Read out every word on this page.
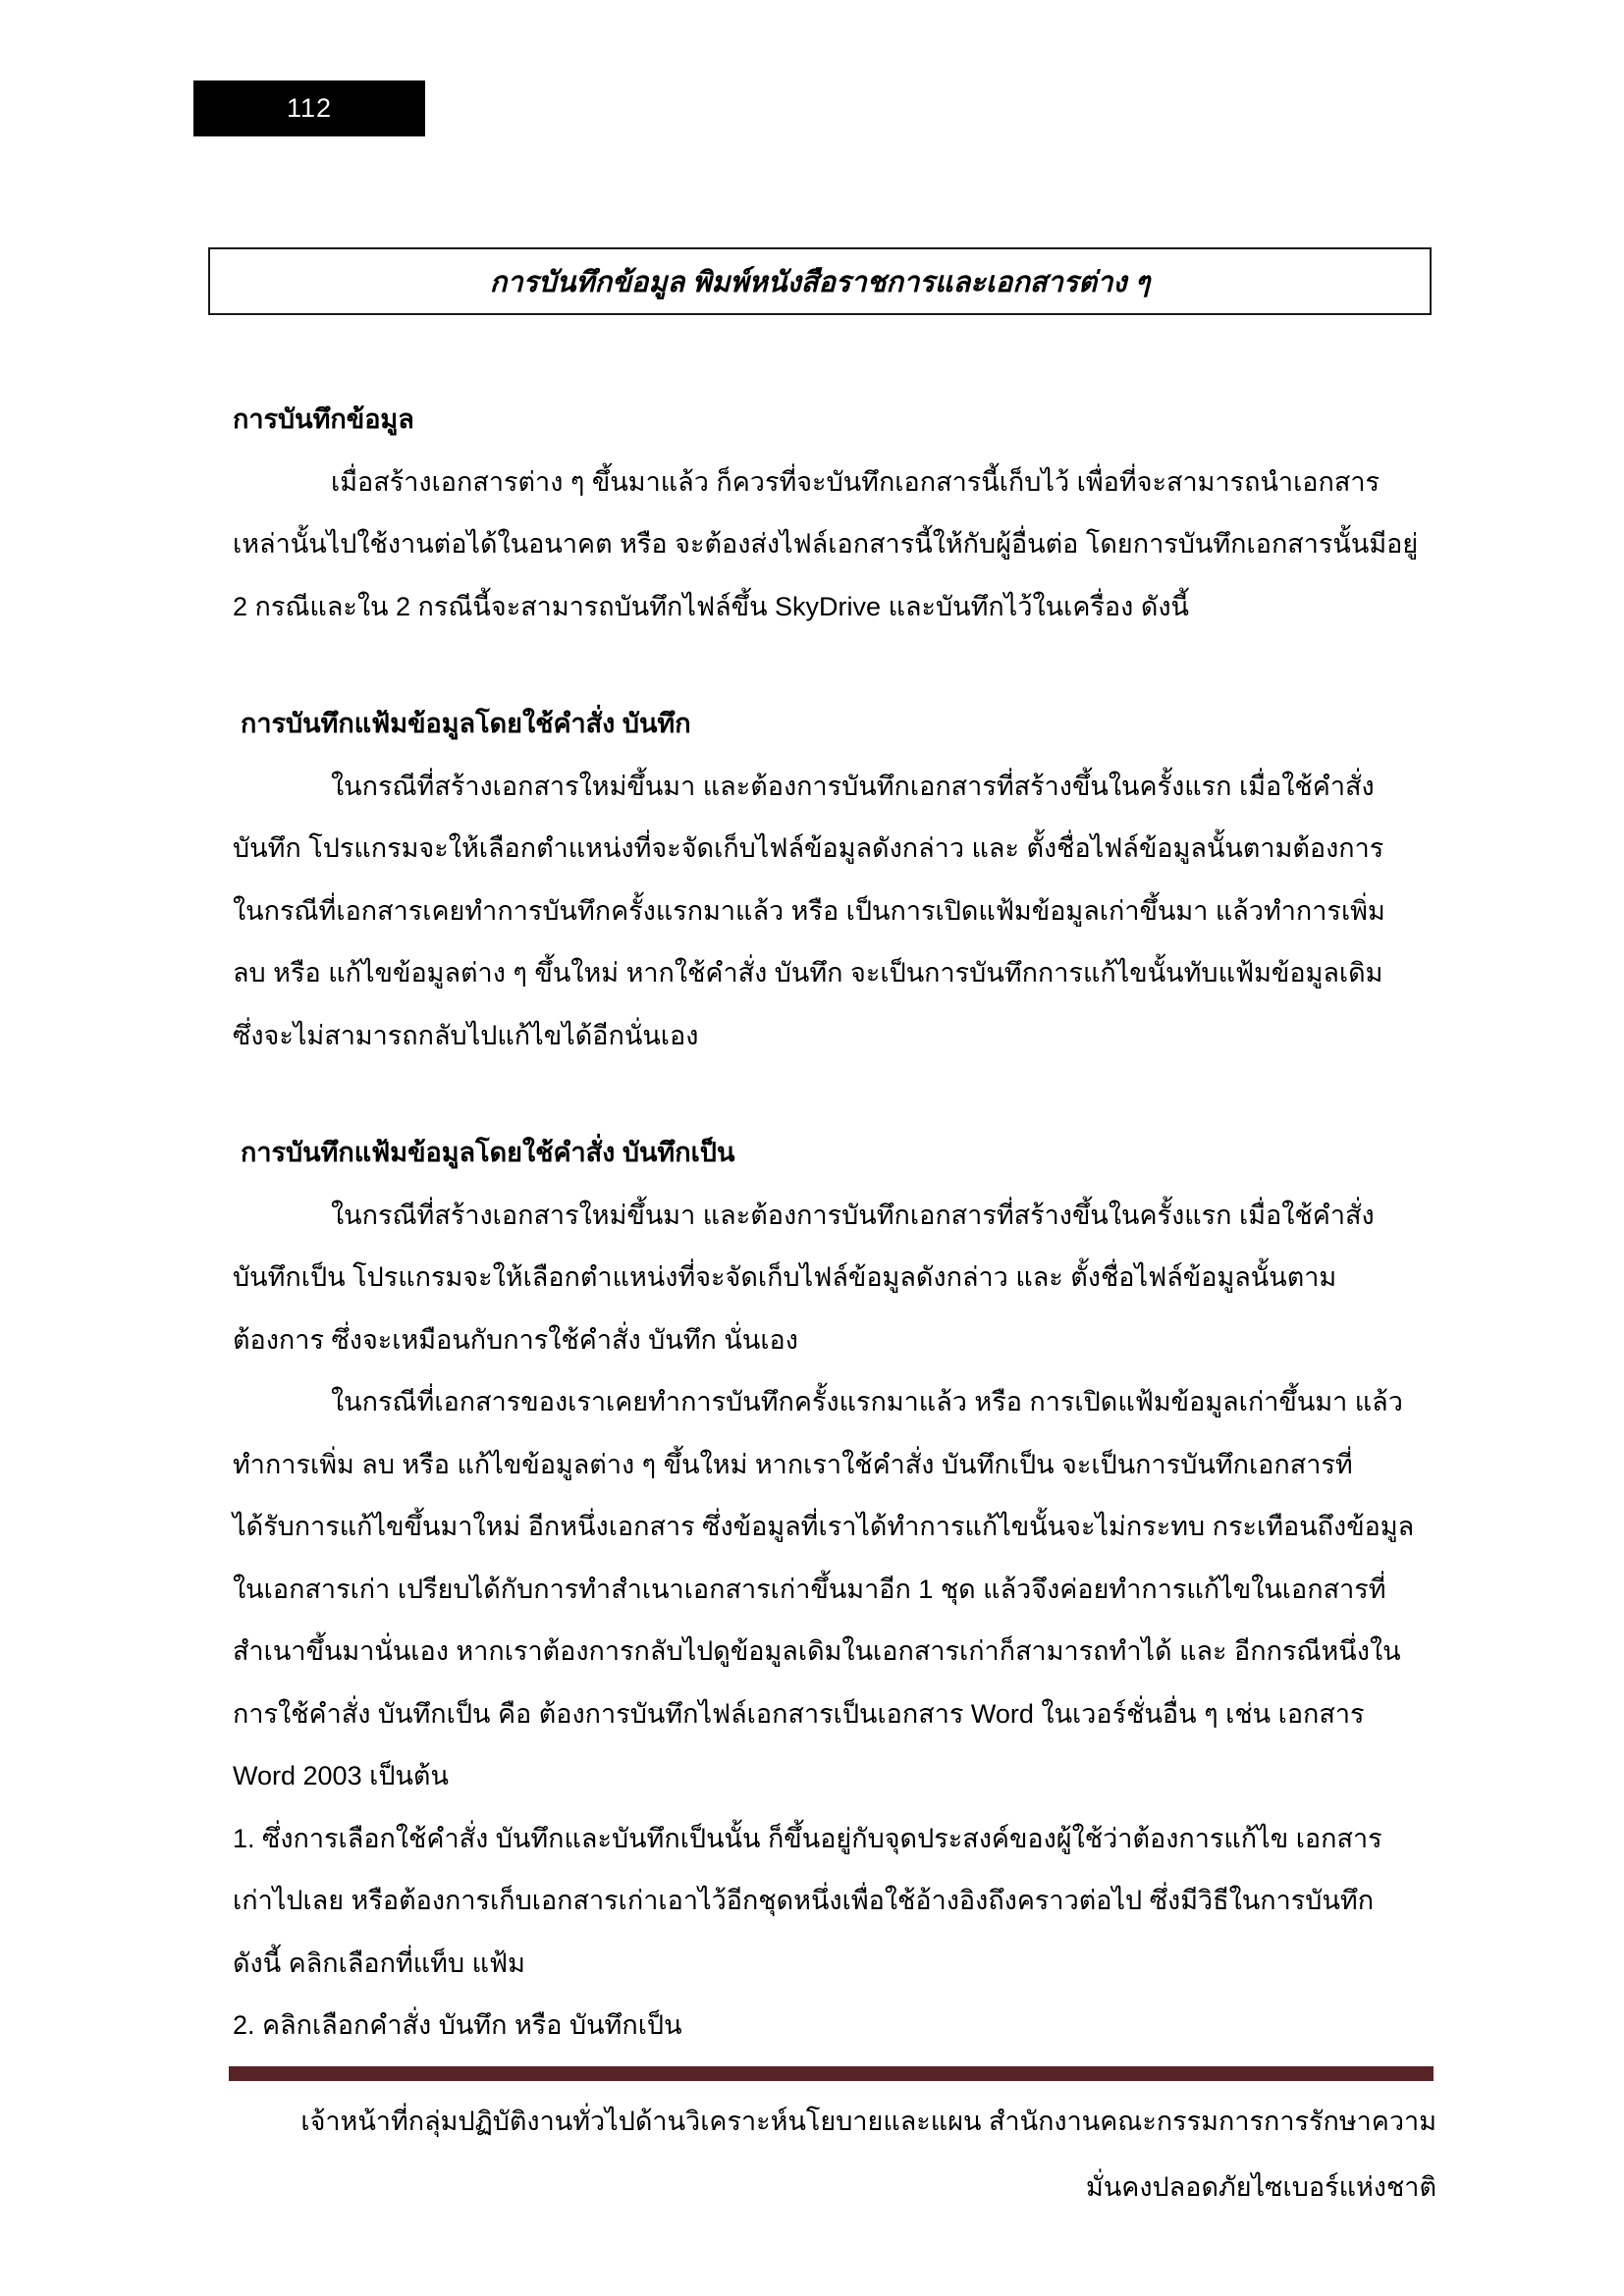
112
การบันทึกข้อมูล พิมพ์หนังสือราชการและเอกสารต่าง ๆ
การบันทึกข้อมูล
เมื่อสร้างเอกสารต่าง ๆ ขึ้นมาแล้ว ก็ควรที่จะบันทึกเอกสารนี้เก็บไว้ เพื่อที่จะสามารถนำเอกสาร
เหล่านั้นไปใช้งานต่อได้ในอนาคต หรือ จะต้องส่งไฟล์เอกสารนี้ให้กับผู้อื่นต่อ โดยการบันทึกเอกสารนั้นมีอยู่
2 กรณีและใน 2 กรณีนี้จะสามารถบันทึกไฟล์ขึ้น SkyDrive และบันทึกไว้ในเครื่อง ดังนี้
การบันทึกแฟ้มข้อมูลโดยใช้คำสั่ง บันทึก
ในกรณีที่สร้างเอกสารใหม่ขึ้นมา และต้องการบันทึกเอกสารที่สร้างขึ้นในครั้งแรก เมื่อใช้คำสั่ง
บันทึก โปรแกรมจะให้เลือกตำแหน่งที่จะจัดเก็บไฟล์ข้อมูลดังกล่าว และ ตั้งชื่อไฟล์ข้อมูลนั้นตามต้องการ
ในกรณีที่เอกสารเคยทำการบันทึกครั้งแรกมาแล้ว หรือ เป็นการเปิดแฟ้มข้อมูลเก่าขึ้นมา แล้วทำการเพิ่ม
ลบ หรือ แก้ไขข้อมูลต่าง ๆ ขึ้นใหม่ หากใช้คำสั่ง บันทึก จะเป็นการบันทึกการแก้ไขนั้นทับแฟ้มข้อมูลเดิม
ซึ่งจะไม่สามารถกลับไปแก้ไขได้อีกนั่นเอง
การบันทึกแฟ้มข้อมูลโดยใช้คำสั่ง บันทึกเป็น
ในกรณีที่สร้างเอกสารใหม่ขึ้นมา และต้องการบันทึกเอกสารที่สร้างขึ้นในครั้งแรก เมื่อใช้คำสั่ง
บันทึกเป็น โปรแกรมจะให้เลือกตำแหน่งที่จะจัดเก็บไฟล์ข้อมูลดังกล่าว และ ตั้งชื่อไฟล์ข้อมูลนั้นตาม
ต้องการ ซึ่งจะเหมือนกับการใช้คำสั่ง บันทึก นั่นเอง
ในกรณีที่เอกสารของเราเคยทำการบันทึกครั้งแรกมาแล้ว หรือ การเปิดแฟ้มข้อมูลเก่าขึ้นมา แล้ว
ทำการเพิ่ม ลบ หรือ แก้ไขข้อมูลต่าง ๆ ขึ้นใหม่ หากเราใช้คำสั่ง บันทึกเป็น จะเป็นการบันทึกเอกสารที่
ได้รับการแก้ไขขึ้นมาใหม่ อีกหนึ่งเอกสาร ซึ่งข้อมูลที่เราได้ทำการแก้ไขนั้นจะไม่กระทบ กระเทือนถึงข้อมูล
ในเอกสารเก่า เปรียบได้กับการทำสำเนาเอกสารเก่าขึ้นมาอีก 1 ชุด แล้วจึงค่อยทำการแก้ไขในเอกสารที่
สำเนาขึ้นมานั่นเอง หากเราต้องการกลับไปดูข้อมูลเดิมในเอกสารเก่าก็สามารถทำได้ และ อีกกรณีหนึ่งใน
การใช้คำสั่ง บันทึกเป็น คือ ต้องการบันทึกไฟล์เอกสารเป็นเอกสาร Word ในเวอร์ชั่นอื่น ๆ เช่น เอกสาร
Word 2003 เป็นต้น
1. ซึ่งการเลือกใช้คำสั่ง บันทึกและบันทึกเป็นนั้น ก็ขึ้นอยู่กับจุดประสงค์ของผู้ใช้ว่าต้องการแก้ไข เอกสาร
เก่าไปเลย หรือต้องการเก็บเอกสารเก่าเอาไว้อีกชุดหนึ่งเพื่อใช้อ้างอิงถึงคราวต่อไป ซึ่งมีวิธีในการบันทึก
ดังนี้ คลิกเลือกที่แท็บ แฟ้ม
2. คลิกเลือกคำสั่ง บันทึก หรือ บันทึกเป็น
เจ้าหน้าที่กลุ่มปฏิบัติงานทั่วไปด้านวิเคราะห์นโยบายและแผน สำนักงานคณะกรรมการการรักษาความ
มั่นคงปลอดภัยไซเบอร์แห่งชาติ
